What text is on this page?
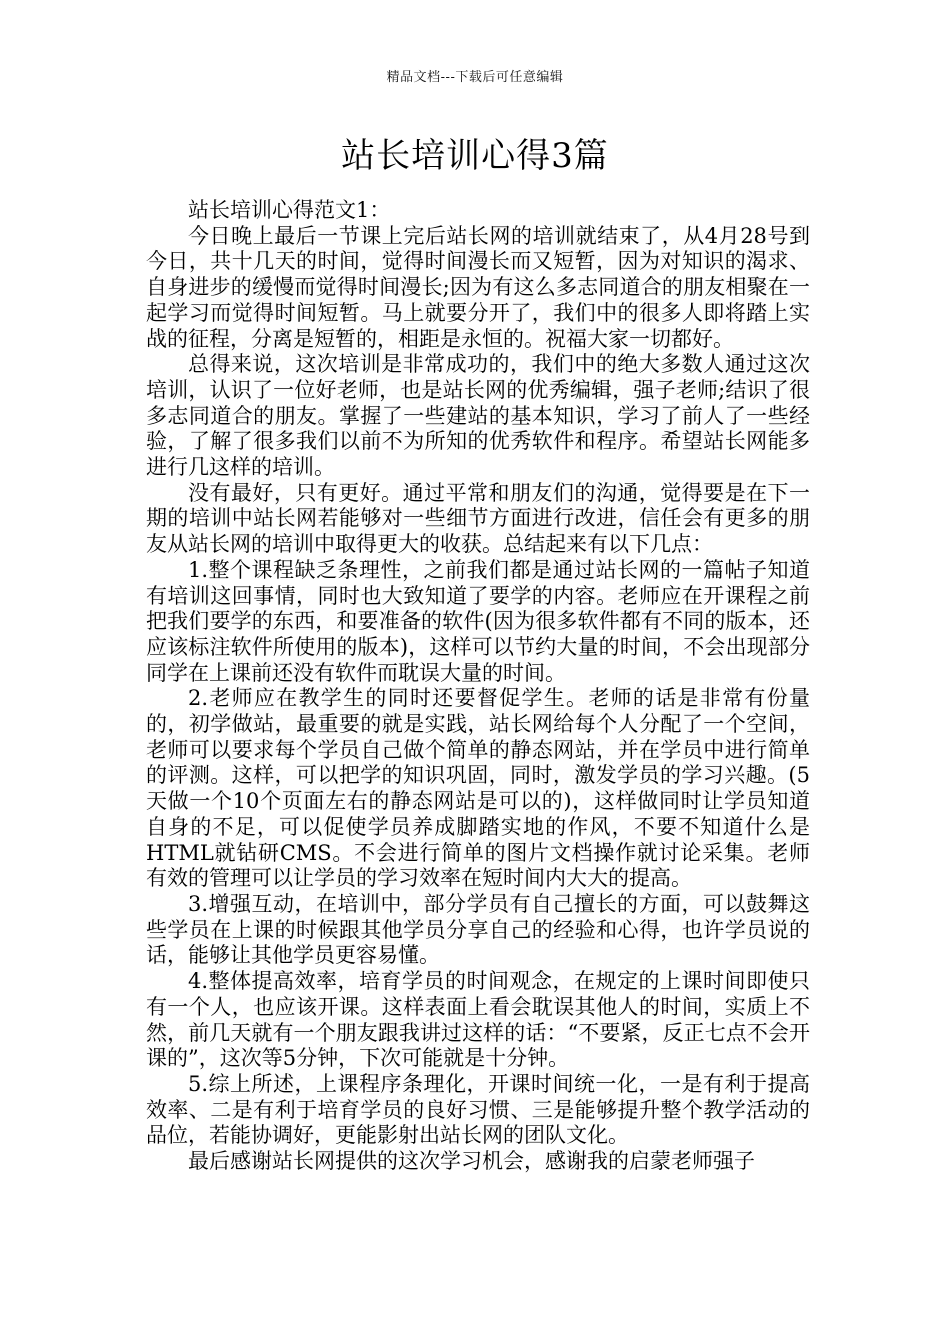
精品文档---下载后可任意编辑
站长培训心得3篇

站长培训心得范文1：

今日晚上最后一节课上完后站长网的培训就结束了，从4月28号到今日，共十几天的时间，觉得时间漫长而又短暂，因为对知识的渴求、自身进步的缓慢而觉得时间漫长;因为有这么多志同道合的朋友相聚在一起学习而觉得时间短暂。马上就要分开了，我们中的很多人即将踏上实战的征程，分离是短暂的，相距是永恒的。祝福大家一切都好。

总得来说，这次培训是非常成功的，我们中的绝大多数人通过这次培训，认识了一位好老师，也是站长网的优秀编辑，强子老师;结识了很多志同道合的朋友。掌握了一些建站的基本知识，学习了前人了一些经验，了解了很多我们以前不为所知的优秀软件和程序。希望站长网能多进行几这样的培训。

没有最好，只有更好。通过平常和朋友们的沟通，觉得要是在下一期的培训中站长网若能够对一些细节方面进行改进，信任会有更多的朋友从站长网的培训中取得更大的收获。总结起来有以下几点：

1.整个课程缺乏条理性，之前我们都是通过站长网的一篇帖子知道有培训这回事情，同时也大致知道了要学的内容。老师应在开课程之前把我们要学的东西，和要准备的软件(因为很多软件都有不同的版本，还应该标注软件所使用的版本)，这样可以节约大量的时间，不会出现部分同学在上课前还没有软件而耽误大量的时间。

2.老师应在教学生的同时还要督促学生。老师的话是非常有份量的，初学做站，最重要的就是实践，站长网给每个人分配了一个空间，老师可以要求每个学员自己做个简单的静态网站，并在学员中进行简单的评测。这样，可以把学的知识巩固，同时，激发学员的学习兴趣。(5天做一个10个页面左右的静态网站是可以的)，这样做同时让学员知道自身的不足，可以促使学员养成脚踏实地的作风，不要不知道什么是HTML就钻研CMS。不会进行简单的图片文档操作就讨论采集。老师有效的管理可以让学员的学习效率在短时间内大大的提高。

3.增强互动，在培训中，部分学员有自己擅长的方面，可以鼓舞这些学员在上课的时候跟其他学员分享自己的经验和心得，也许学员说的话，能够让其他学员更容易懂。

4.整体提高效率，培育学员的时间观念，在规定的上课时间即使只有一个人，也应该开课。这样表面上看会耽误其他人的时间，实质上不然，前几天就有一个朋友跟我讲过这样的话：“不要紧，反正七点不会开课的”，这次等5分钟，下次可能就是十分钟。

5.综上所述，上课程序条理化，开课时间统一化，一是有利于提高效率、二是有利于培育学员的良好习惯、三是能够提升整个教学活动的品位，若能协调好，更能影射出站长网的团队文化。

最后感谢站长网提供的这次学习机会，感谢我的启蒙老师强子
